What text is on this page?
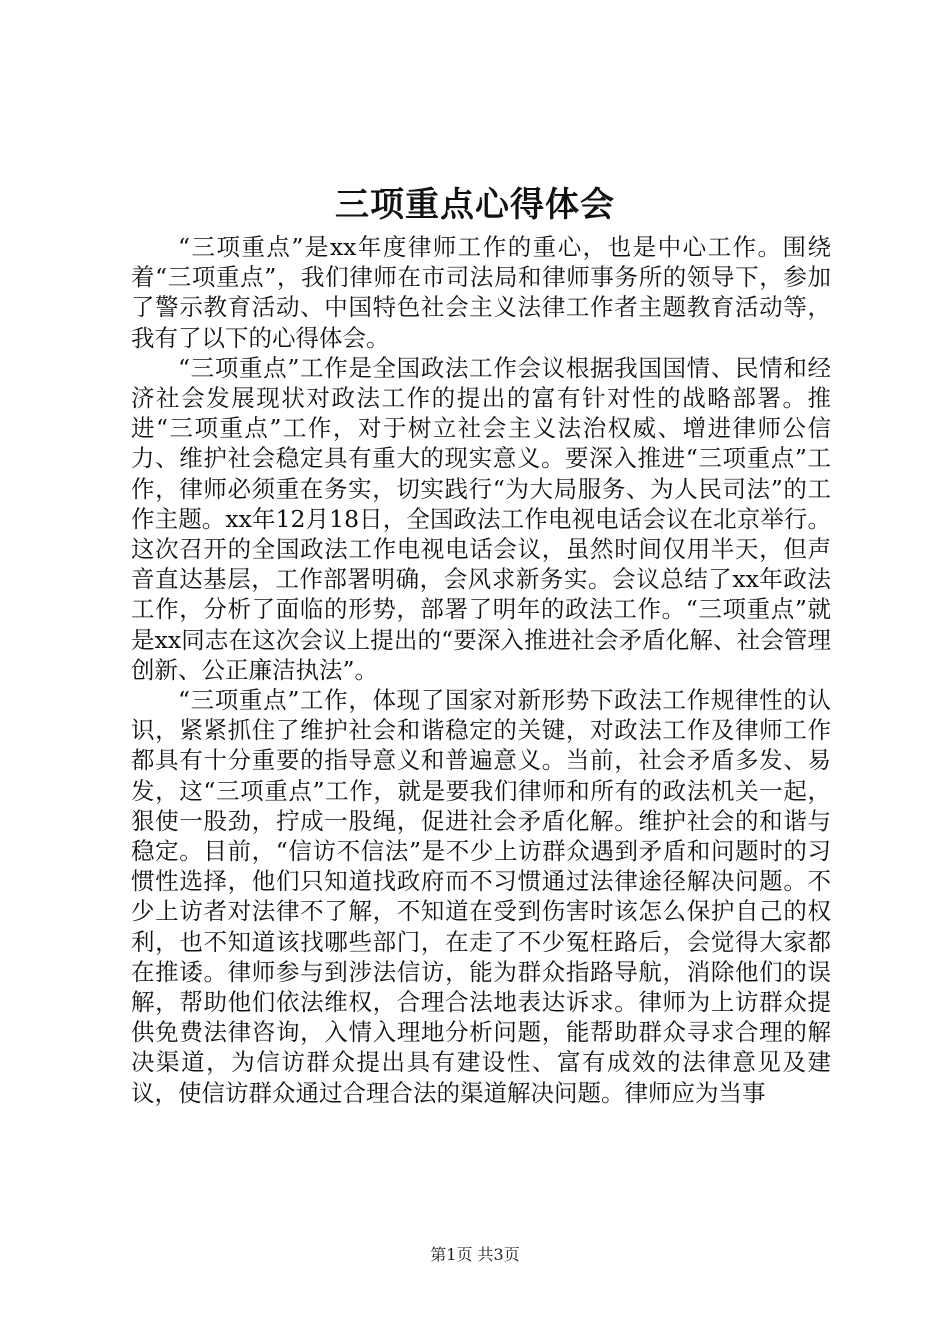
三项重点心得体会

“三项重点”是xx年度律师工作的重心，也是中心工作。围绕着“三项重点”，我们律师在市司法局和律师事务所的领导下，参加了警示教育活动、中国特色社会主义法律工作者主题教育活动等，我有了以下的心得体会。

“三项重点”工作是全国政法工作会议根据我国国情、民情和经济社会发展现状对政法工作的提出的富有针对性的战略部署。推进“三项重点”工作，对于树立社会主义法治权威、增进律师公信力、维护社会稳定具有重大的现实意义。要深入推进“三项重点”工作，律师必须重在务实，切实践行“为大局服务、为人民司法”的工作主题。xx年12月18日，全国政法工作电视电话会议在北京举行。这次召开的全国政法工作电视电话会议，虽然时间仅用半天，但声音直达基层，工作部署明确，会风求新务实。会议总结了xx年政法工作，分析了面临的形势，部署了明年的政法工作。“三项重点”就是xx同志在这次会议上提出的“要深入推进社会矛盾化解、社会管理创新、公正廉洁执法”。

“三项重点”工作，体现了国家对新形势下政法工作规律性的认识，紧紧抓住了维护社会和谐稳定的关键，对政法工作及律师工作都具有十分重要的指导意义和普遍意义。当前，社会矛盾多发、易发，这“三项重点”工作，就是要我们律师和所有的政法机关一起，狠使一股劲，拧成一股绳，促进社会矛盾化解。维护社会的和谐与稳定。目前，“信访不信法”是不少上访群众遇到矛盾和问题时的习惯性选择，他们只知道找政府而不习惯通过法律途径解决问题。不少上访者对法律不了解，不知道在受到伤害时该怎么保护自己的权利，也不知道该找哪些部门，在走了不少冤枉路后，会觉得大家都在推诿。律师参与到涉法信访，能为群众指路导航，消除他们的误解，帮助他们依法维权，合理合法地表达诉求。律师为上访群众提供免费法律咨询，入情入理地分析问题，能帮助群众寻求合理的解决渠道，为信访群众提出具有建设性、富有成效的法律意见及建议，使信访群众通过合理合法的渠道解决问题。律师应为当事

第1页 共3页
